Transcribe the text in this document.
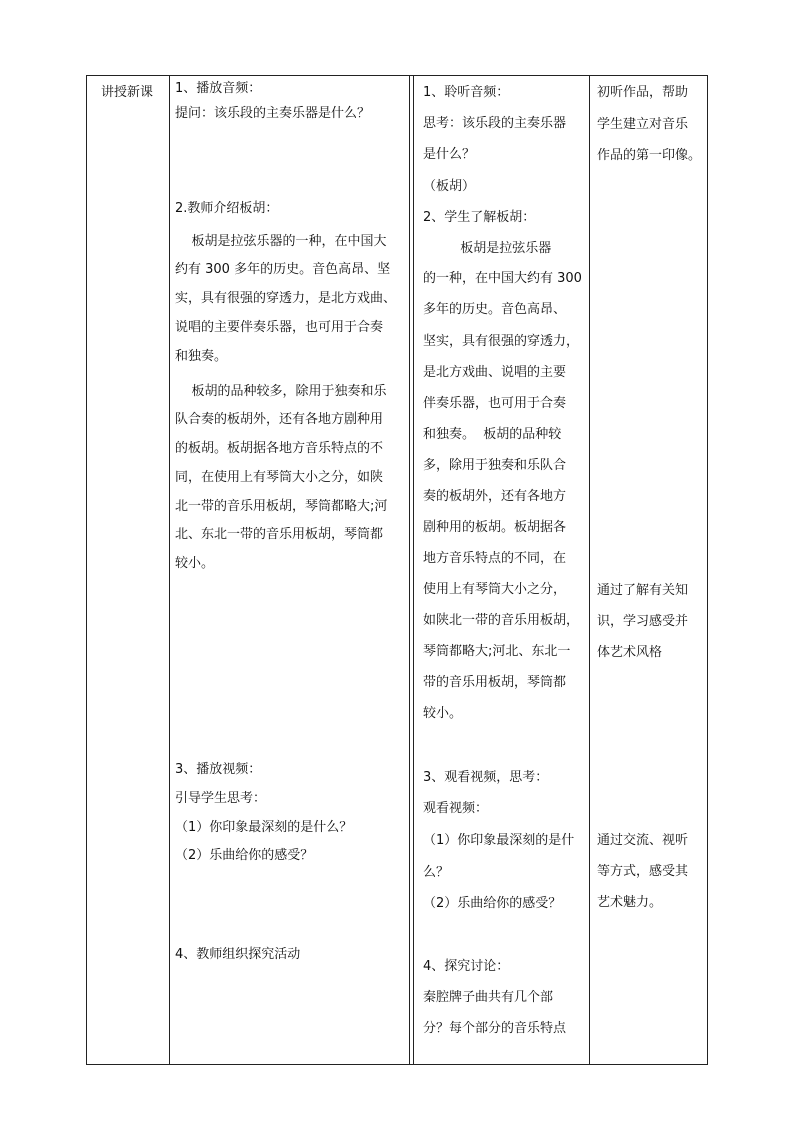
讲授新课 1、播放音频：
提问：该乐段的主奏乐器是什么？
2.教师介绍板胡：
板胡是拉弦乐器的一种，在中国大
约有 300 多年的历史。音色高昂、坚
实，具有很强的穿透力，是北方戏曲、
说唱的主要伴奏乐器，也可用于合奏
和独奏。
板胡的品种较多，除用于独奏和乐
队合奏的板胡外，还有各地方剧种用
的板胡。板胡据各地方音乐特点的不
同，在使用上有琴筒大小之分，如陕
北一带的音乐用板胡，琴筒都略大;河
北、东北一带的音乐用板胡，琴筒都
较小。
3、播放视频：
引导学生思考：
（1）你印象最深刻的是什么？
（2）乐曲给你的感受？
4、教师组织探究活动
1、聆听音频：
思考：该乐段的主奏乐器
是什么？
（板胡）
2、学生了解板胡：
板胡是拉弦乐器
的一种，在中国大约有 300
多年的历史。音色高昂、
坚实，具有很强的穿透力，
是北方戏曲、说唱的主要
伴奏乐器，也可用于合奏
和独奏。  板胡的品种较
多，除用于独奏和乐队合
奏的板胡外，还有各地方
剧种用的板胡。板胡据各
地方音乐特点的不同，在
使用上有琴筒大小之分，
如陕北一带的音乐用板胡，
琴筒都略大;河北、东北一
带的音乐用板胡，琴筒都
较小。
3、观看视频，思考：
观看视频：
（1）你印象最深刻的是什
么？
（2）乐曲给你的感受？
4、探究讨论：
秦腔牌子曲共有几个部
分？每个部分的音乐特点
初听作品，帮助
学生建立对音乐
作品的第一印像。
通过了解有关知
识，学习感受并
体艺术风格
通过交流、视听
等方式，感受其
艺术魅力。
